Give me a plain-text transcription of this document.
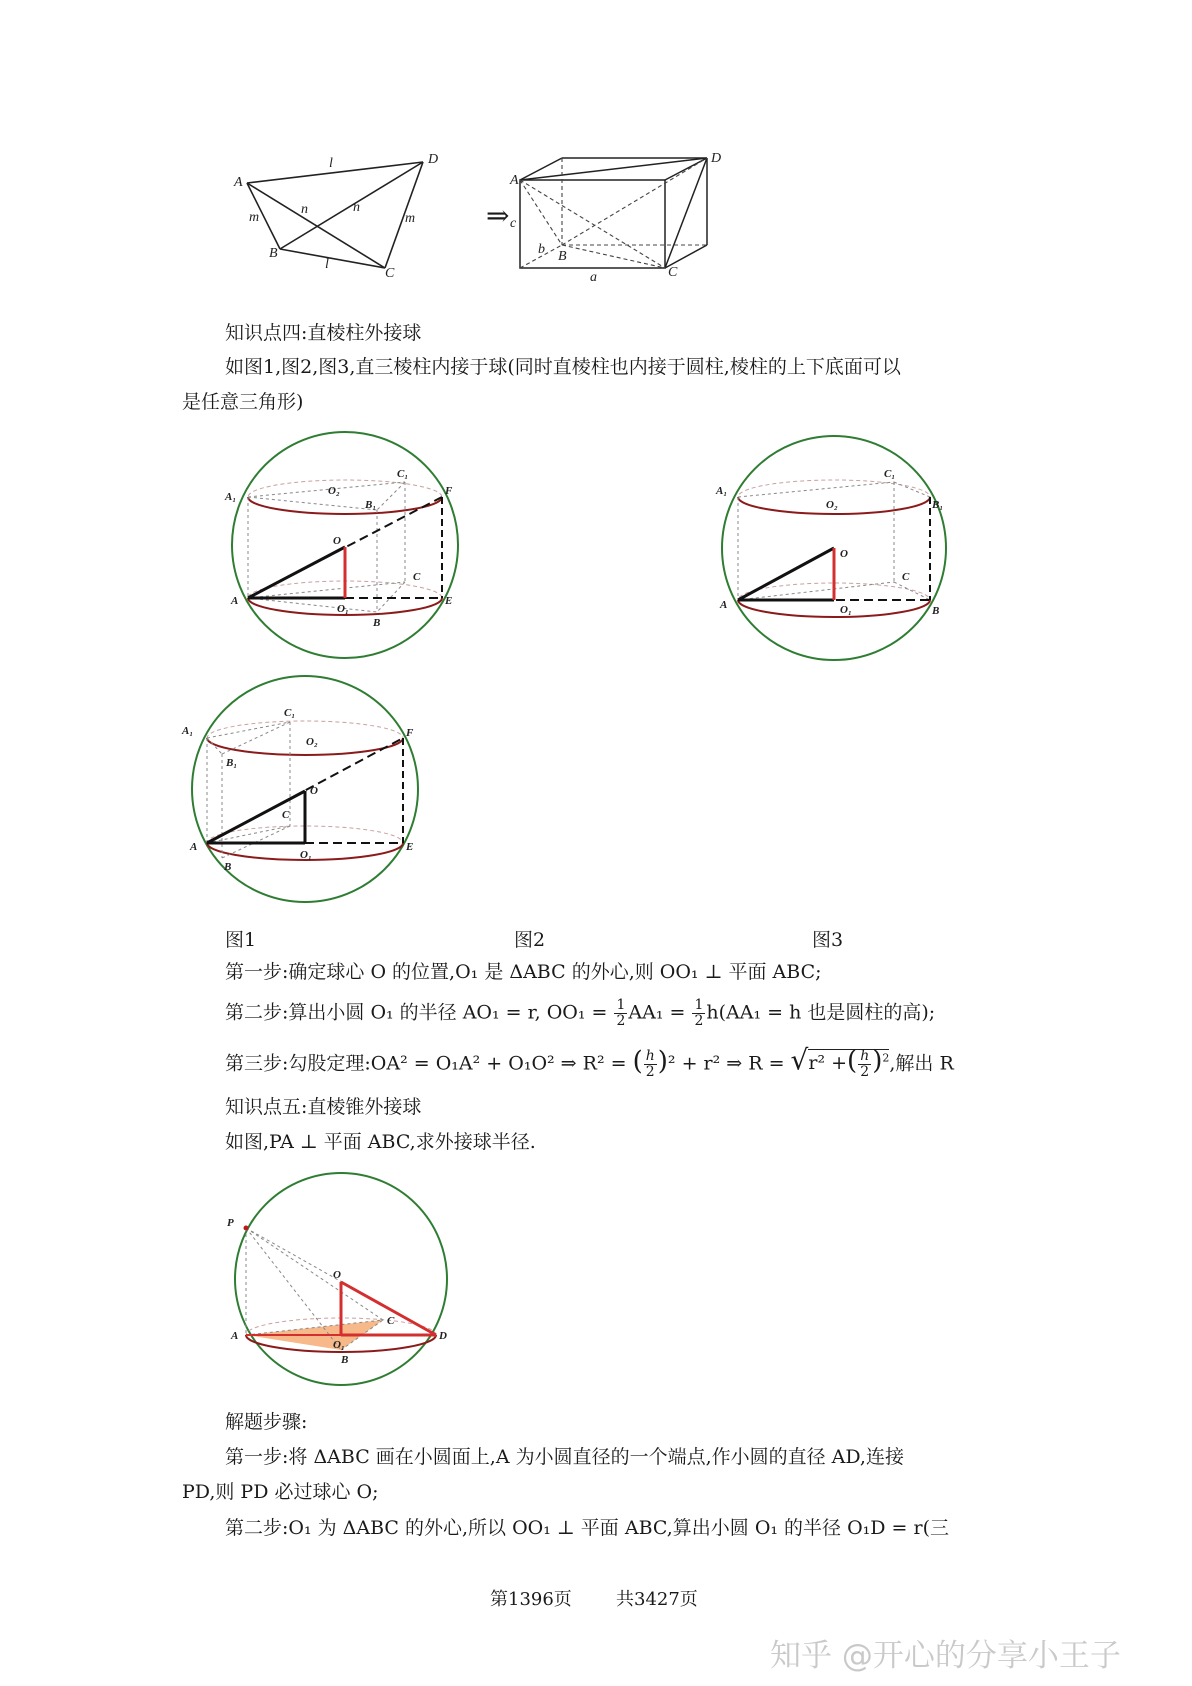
A
D
B
C
l
l
m	m
n	n	⇒
A
D
B
C
a
b
c
知识点四:直棱柱外接球
如图1,图2,图3,直三棱柱内接于球(同时直棱柱也内接于圆柱,棱柱的上下底面可以
是任意三角形)
A₁
C₁
O₂
B₁
F
O
C
A
O₁
E
B
A₁
C₁
O₂	B₁
O
C
A	O₁	B
A₁
C₁
O₂
B₁
F
O
C
A
O₁
E
B
图1	图2	图3
第一步:确定球心 O 的位置,O₁ 是 ΔABC 的外心,则 OO₁ ⊥ 平面 ABC;
第二步:算出小圆 O₁ 的半径 AO₁ = r, $OO_1 = \frac{1}{2} AA_1 = \frac{1}{2} h(AA_1 = h$ 也是圆柱的高);
第三步:勾股定理:OA² = O₁A² + O₁O² ⇒ R² = ( $\frac{h}{2} )^2 + r^2$ ⇒ R = √r² +( $\frac{h}{2} )^2$,解出 R
知识点五:直棱锥外接球
如图,PA ⊥ 平面 ABC,求外接球半径.
P
O
C
A
O₁
D
B
解题步骤:
第一步:将 ΔABC 画在小圆面上,A 为小圆直径的一个端点,作小圆的直径 AD,连接
PD,则 PD 必过球心 O;
第二步:O₁ 为 ΔABC 的外心,所以 OO₁ ⊥ 平面 ABC,算出小圆 O₁ 的半径 O₁D = r(三
第1396页 共3427页
知乎 @开心的分享小王子
